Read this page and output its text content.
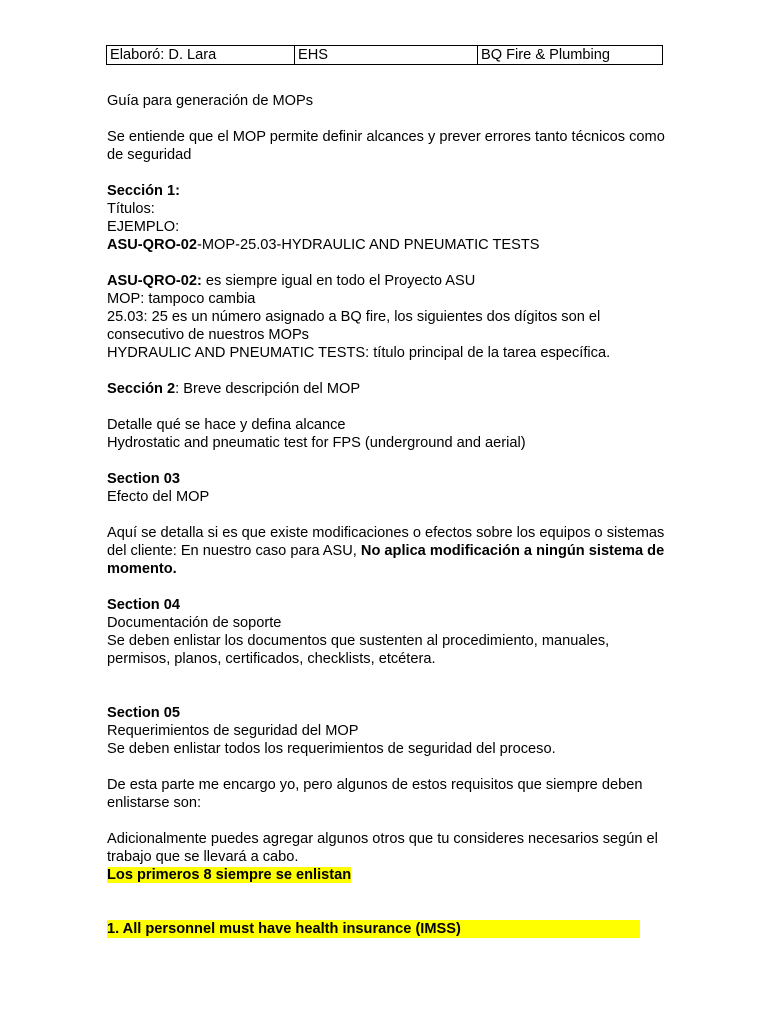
Elaboró: D. Lara	EHS	BQ Fire & Plumbing

Guía para generación de MOPs

Se entiende que el MOP permite definir alcances y prever errores tanto técnicos como de seguridad

Sección 1:

Títulos:

EJEMPLO:

ASU-QRO-02-MOP-25.03-HYDRAULIC AND PNEUMATIC TESTS

ASU-QRO-02: es siempre igual en todo el Proyecto ASU

MOP: tampoco cambia

25.03: 25 es un número asignado a BQ fire, los siguientes dos dígitos son el consecutivo de nuestros MOPs

HYDRAULIC AND PNEUMATIC TESTS: título principal de la tarea específica.

Sección 2: Breve descripción del MOP

Detalle qué se hace y defina alcance

Hydrostatic and pneumatic test for FPS (underground and aerial)

Section 03

Efecto del MOP

Aquí se detalla si es que existe modificaciones o efectos sobre los equipos o sistemas del cliente: En nuestro caso para ASU, No aplica modificación a ningún sistema de momento.

Section 04

Documentación de soporte

Se deben enlistar los documentos que sustenten al procedimiento, manuales, permisos, planos, certificados, checklists, etcétera.

Section 05

Requerimientos de seguridad del MOP

Se deben enlistar todos los requerimientos de seguridad del proceso.

De esta parte me encargo yo, pero algunos de estos requisitos que siempre deben enlistarse son:

Adicionalmente puedes agregar algunos otros que tu consideres necesarios según el trabajo que se llevará a cabo.

Los primeros 8 siempre se enlistan

1. All personnel must have health insurance (IMSS)
